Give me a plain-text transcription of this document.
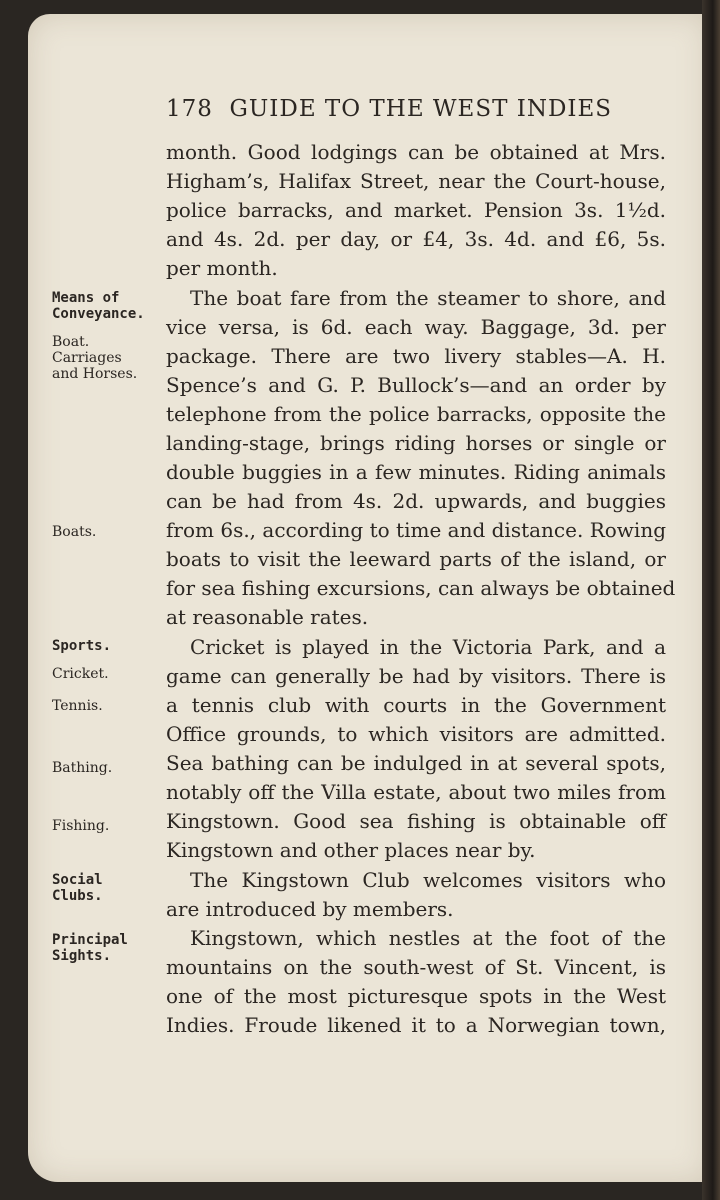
178 GUIDE TO THE WEST INDIES
Means of
Conveyance.
Boat.
Carriages
and Horses.
Boats.
Sports.
Cricket.
Tennis.
Bathing.
Fishing.
Social
Clubs.
Principal
Sights.
month. Good lodgings can be obtained at Mrs.
Higham’s, Halifax Street, near the Court-house,
police barracks, and market. Pension 3s. 1½d.
and 4s. 2d. per day, or £4, 3s. 4d. and £6, 5s.
per month.
The boat fare from the steamer to shore, and
vice versa, is 6d. each way. Baggage, 3d. per
package. There are two livery stables—A. H.
Spence’s and G. P. Bullock’s—and an order by
telephone from the police barracks, opposite the
landing-stage, brings riding horses or single or
double buggies in a few minutes. Riding animals
can be had from 4s. 2d. upwards, and buggies
from 6s., according to time and distance. Rowing
boats to visit the leeward parts of the island, or
for sea fishing excursions, can always be obtained
at reasonable rates.
Cricket is played in the Victoria Park, and a
game can generally be had by visitors. There is
a tennis club with courts in the Government
Office grounds, to which visitors are admitted.
Sea bathing can be indulged in at several spots,
notably off the Villa estate, about two miles from
Kingstown. Good sea fishing is obtainable off
Kingstown and other places near by.
The Kingstown Club welcomes visitors who
are introduced by members.
Kingstown, which nestles at the foot of the
mountains on the south-west of St. Vincent, is
one of the most picturesque spots in the West
Indies. Froude likened it to a Norwegian town,
